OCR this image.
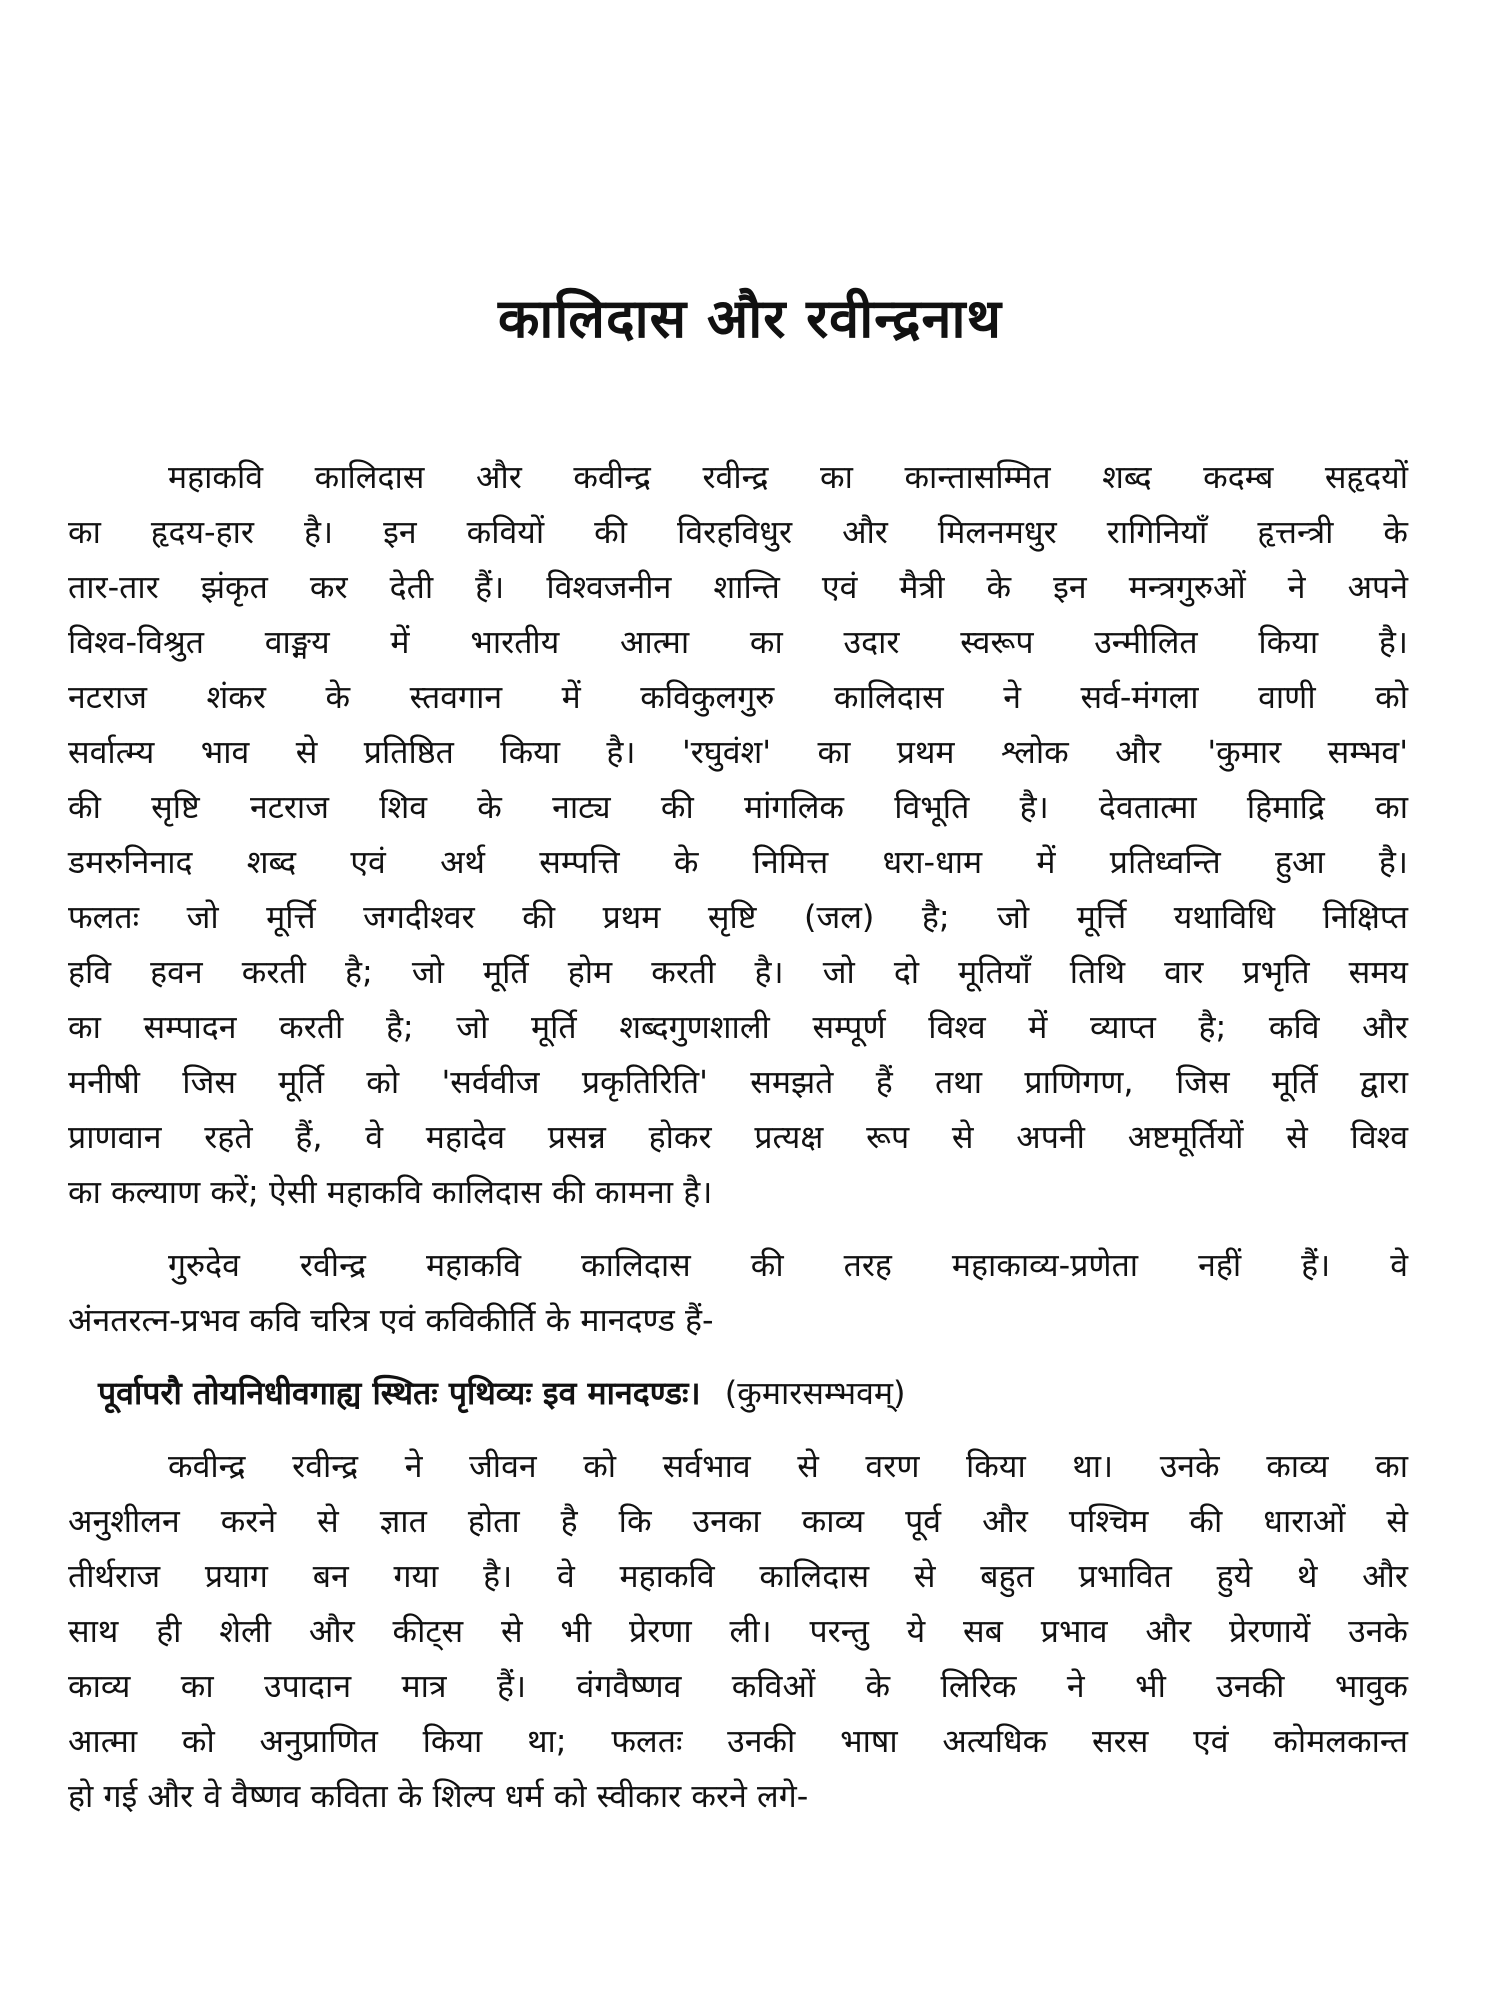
कालिदास और रवीन्द्रनाथ
महाकवि कालिदास और कवीन्द्र रवीन्द्र का कान्तासम्मित शब्द कदम्ब सहृदयों
का हृदय-हार है। इन कवियों की विरहविधुर और मिलनमधुर रागिनियाँ हृत्तन्त्री के
तार-तार झंकृत कर देती हैं। विश्वजनीन शान्ति एवं मैत्री के इन मन्त्रगुरुओं ने अपने
विश्व-विश्रुत वाङ्मय में भारतीय आत्मा का उदार स्वरूप उन्मीलित किया है।
नटराज शंकर के स्तवगान में कविकुलगुरु कालिदास ने सर्व-मंगला वाणी को
सर्वात्म्य भाव से प्रतिष्ठित किया है। 'रघुवंश' का प्रथम श्लोक और 'कुमार सम्भव'
की सृष्टि नटराज शिव के नाट्य की मांगलिक विभूति है। देवतात्मा हिमाद्रि का
डमरुनिनाद शब्द एवं अर्थ सम्पत्ति के निमित्त धरा-धाम में प्रतिध्वन्ति हुआ है।
फलतः जो मूर्त्ति जगदीश्वर की प्रथम सृष्टि (जल) है; जो मूर्त्ति यथाविधि निक्षिप्त
हवि हवन करती है; जो मूर्ति होम करती है। जो दो मूतियाँ तिथि वार प्रभृति समय
का सम्पादन करती है; जो मूर्ति शब्दगुणशाली सम्पूर्ण विश्व में व्याप्त है; कवि और
मनीषी जिस मूर्ति को 'सर्ववीज प्रकृतिरिति' समझते हैं तथा प्राणिगण, जिस मूर्ति द्वारा
प्राणवान रहते हैं, वे महादेव प्रसन्न होकर प्रत्यक्ष रूप से अपनी अष्टमूर्तियों से विश्व
का कल्याण करें; ऐसी महाकवि कालिदास की कामना है।
गुरुदेव रवीन्द्र महाकवि कालिदास की तरह महाकाव्य-प्रणेता नहीं हैं। वे
अंनतरत्न-प्रभव कवि चरित्र एवं कविकीर्ति के मानदण्ड हैं-
पूर्वापरौ तोयनिधीवगाह्य स्थितः पृथिव्यः इव मानदण्डः। (कुमारसम्भवम्)
कवीन्द्र रवीन्द्र ने जीवन को सर्वभाव से वरण किया था। उनके काव्य का
अनुशीलन करने से ज्ञात होता है कि उनका काव्य पूर्व और पश्चिम की धाराओं से
तीर्थराज प्रयाग बन गया है। वे महाकवि कालिदास से बहुत प्रभावित हुये थे और
साथ ही शेली और कीट्स से भी प्रेरणा ली। परन्तु ये सब प्रभाव और प्रेरणायें उनके
काव्य का उपादान मात्र हैं। वंगवैष्णव कविओं के लिरिक ने भी उनकी भावुक
आत्मा को अनुप्राणित किया था; फलतः उनकी भाषा अत्यधिक सरस एवं कोमलकान्त
हो गई और वे वैष्णव कविता के शिल्प धर्म को स्वीकार करने लगे-
